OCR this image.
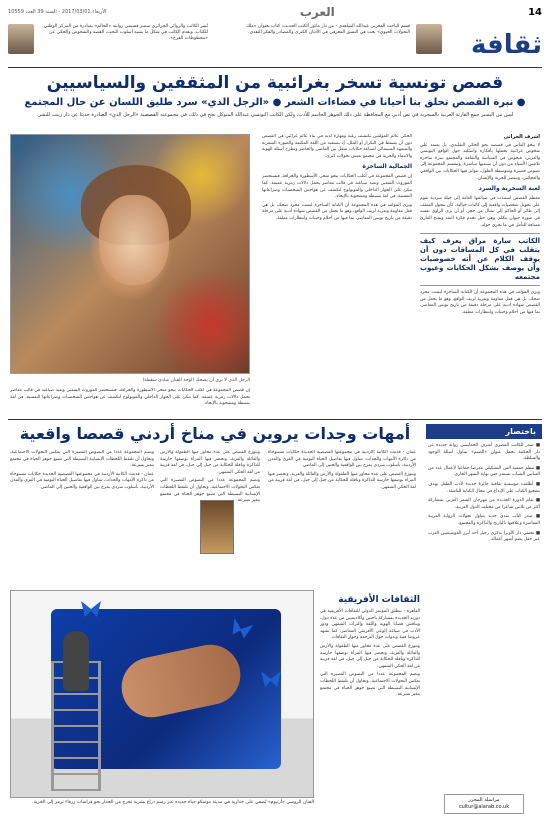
14
العرب
الأربعاء 2017/03/01 - السنة 39 العدد 10559
ثقافة
قسم الباحث المغربي عبدالله الشاهدي - من دار ماتور الكتب الحديث، كتاب بعنوان «ملك التحولات الحيوي» بحث في النسق المعرفي في الأديان الكبرى والمصادر والفكر النقدي.
نُشر الكاتب والروائي الجزائري سمير قسيمي روايته «الحالم» بمبادرة من المركز الوطني للكتاب، ويقدم الكاتب في شكل ما يشبه أسلوب البحث، القصة والشخوص والحكي عن «مخطوطات الفرح».
قصص تونسية تسخر بغرائبية من المثقفين والسياسيين
● نبرة القصص تحلق بنا أحيانا في فضاءات الشعر ● «الرجل الذي» سرد طليق اللسان عن حال المجتمع
ليس من اليسير جمع القارئة العربية بالسخرية في نص أدبي مع المحافظة على ذلك الجوهر الحاسم للأدب، ولكن الكاتب التونسي عبدالله المتوكل نجح في ذلك، في مجموعته القصصية «الرجل الذي» الصادرة حديثا عن دار زينب للنشر.

أشرف الحراثي

لا ينحو القاص في قصصه نحو الحكي التقليدي، بل يعتمد على شخوص غرائبية يحملها بأفكاره وأسئلته حول الواقع التونسي والعربي، فيخوض في السياسة والثقافة والمجتمع بنبرة ساخرة تلامس الأشياء من دون أن تسميها مباشرة. وتنقسم المجموعة إلى نصوص قصيرة ومتوسطة الطول، تتواتر فيها الحكايات بين الواقعي والعجائبي، وتنتصر للحرية والإنسان.

لعبة السخرية والسرد

معظم القصص استندت في صياغتها العامة إلى حيلة سردية تقوم على تحويل شخصيات واقعية إلى كائنات خيالية، كأن يتحول المثقف إلى طائر أو الحاكم إلى تمثال من حجر، أو أن يرى الراوي نفسه في صورة حيوان يتكلم. وهي حيل تخدم فكرة النقد وتمنح القارئ مسافة للتأمل في ما يجري حوله.

الكاتب سارة مراق يعرف كيف يتقلب في كل المسافات دون أن يوقف الكلام عن أنه خصوصيات وأن يوصف بشكل الحكايات وعيوب مجتمعه

ويرى المؤلف في هذه المجموعة أن الكتابة الساخرة ليست مجرد ضحك، بل هي فعل مقاومة وتعرية لزيف الواقع، وهو ما يجعل من القصص شهادة أدبية على مرحلة دقيقة من تاريخ تونس المعاصر، بما فيها من أحلام وخيبات وانتظارات معلقة.

الحكي عالم المؤلفين نكتشف رغبة ومهارة لديه في بناء عالم غرائبي في القصص دون أن يسقط في التكرار أو الملل، إذ يستفيد من اللغة المكثفة والصورة الشعرية والمشهد السينمائي لصياغة حكايات تتنقل بين الماضي والحاضر وتطرح أسئلة الهوية والانتماء والحرية في مجتمع يعيش تحولات كبرى.

الجمالية الساخرة

إن قصص المجموعة في أغلب الحكايات تنحو منحى الأسطورة والخرافة، فتستحضر الموروث الشعبي وتعيد صياغته في قالب معاصر يحمل دلالات رمزية عميقة. كما تتكئ على الحوار الداخلي والمونولوج لتكشف عن هواجس الشخصيات وصراعاتها النفسية، في لغة بسيطة ومشحونة بالإيحاء.

ويرى المؤلف في هذه المجموعة أن الكتابة الساخرة ليست مجرد ضحك، بل هي فعل مقاومة وتعرية لزيف الواقع، وهو ما يجعل من القصص شهادة أدبية على مرحلة دقيقة من تاريخ تونس المعاصر، بما فيها من أحلام وخيبات وانتظارات معلقة.

الرجل الذي لا يرى أن يضحك (لوحة للفنان شادي سقطة)

إن قصص المجموعة في أغلب الحكايات تنحو منحى الأسطورة والخرافة، فتستحضر الموروث الشعبي وتعيد صياغته في قالب معاصر يحمل دلالات رمزية عميقة. كما تتكئ على الحوار الداخلي والمونولوج لتكشف عن هواجس الشخصيات وصراعاتها النفسية، في لغة بسيطة ومشحونة بالإيحاء.

أمهات وجدات يروين في مناخ أردني قصصا واقعية

عمان - قدمت الكاتبة الأردنية في مجموعتها القصصية الجديدة حكايات مستوحاة من ذاكرة الأمهات والجدات، تتناول فيها تفاصيل الحياة اليومية في القرى والمدن الأردنية، بأسلوب سردي يمزج بين الواقعية والحنين إلى الماضي.

وتتوزع القصص على عدة محاور منها الطفولة والأرض والعائلة والغربة، وتحضر فيها المرأة بوصفها حارسة للذاكرة وناقلة للحكاية من جيل إلى جيل، في لغة قريبة من لغة الحكي الشفهي.

وتتوزع القصص على عدة محاور منها الطفولة والأرض والعائلة والغربة، وتحضر فيها المرأة بوصفها حارسة للذاكرة وناقلة للحكاية من جيل إلى جيل، في لغة قريبة من لغة الحكي الشفهي.

وتضم المجموعة عددا من النصوص القصيرة التي تعكس التحولات الاجتماعية، وتحاول أن تلتقط اللحظات الإنسانية البسيطة التي تصنع جوهر الحياة في مجتمع يتغير بسرعة.

وتضم المجموعة عددا من النصوص القصيرة التي تعكس التحولات الاجتماعية، وتحاول أن تلتقط اللحظات الإنسانية البسيطة التي تصنع جوهر الحياة في مجتمع يتغير بسرعة.

عمان - قدمت الكاتبة الأردنية في مجموعتها القصصية الجديدة حكايات مستوحاة من ذاكرة الأمهات والجدات، تتناول فيها تفاصيل الحياة اليومية في القرى والمدن الأردنية، بأسلوب سردي يمزج بين الواقعية والحنين إلى الماضي.

الفنان الروسي «أرتيوم» يُضفي على جدارية في مدينة موسكو حياة جديدة عبر رسم ذراع بشرية تخرج من الجدار نحو فراشات زرقاء ترمز إلى الحرية.
الثقافات الأفريقية

القاهرة - ينطلق المؤتمر الدولي للثقافات الأفريقية في دورته الجديدة بمشاركة باحثين وأكاديميين من عدة دول، ويناقش قضايا الهوية واللغة والتراث الشفهي ودور الأدب في صياغة الوعي الأفريقي المعاصر، كما يشهد عروضا فنية وندوات حول الترجمة وحوار الثقافات.

وتتوزع القصص على عدة محاور منها الطفولة والأرض والعائلة والغربة، وتحضر فيها المرأة بوصفها حارسة للذاكرة وناقلة للحكاية من جيل إلى جيل، في لغة قريبة من لغة الحكي الشفهي.

وتضم المجموعة عددا من النصوص القصيرة التي تعكس التحولات الاجتماعية، وتحاول أن تلتقط اللحظات الإنسانية البسيطة التي تصنع جوهر الحياة في مجتمع يتغير بسرعة.

باختصار

■ صدر للكاتب المصري أشرف الخمايسي رواية جديدة عن دار الحكمة تحمل عنوان «الصنم» تتناول أسئلة الوجود والسلطة.

■ تنظم جمعية الفن التشكيلي معرضا جماعيا لأعمال عدد من الفنانين الشباب يستمر حتى نهاية الشهر الجاري.

■ أطلقت مؤسسة ثقافية جائزة جديدة لأدب الطفل بهدف تشجيع الكتاب على الإبداع في مجال الكتابة للناشئة.

■ تقام الدورة الجديدة من مهرجان الشعر العربي بمشاركة أكثر من ثلاثين شاعرا من مختلف الدول العربية.

■ صدر كتاب نقدي جديد يتناول تحولات الرواية العربية المعاصرة وعلاقتها بالتاريخ والذاكرة والمجتمع.

■ تحتفي دار الأوبرا بذكرى رحيل أحد أبرز الموسيقيين العرب عبر حفل يضم أشهر أعماله.

مراسلة المحرر
cultur@alarab.co.uk
